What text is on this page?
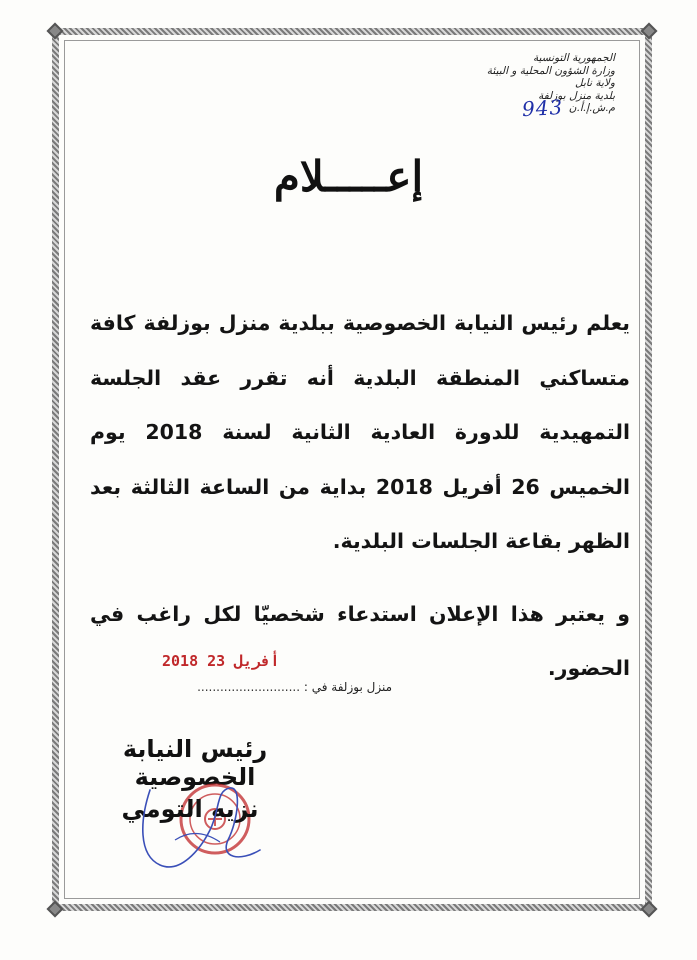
الجمهورية التونسية
وزارة الشؤون المحلية و البيئة
ولاية نابل
بلدية منزل بوزلفة
م.ش.إ.أ.ن
943
إعـــــلام
يعلم رئيس النيابة الخصوصية ببلدية منزل بوزلفة كافة متساكني المنطقة البلدية أنه تقرر عقد الجلسة التمهيدية للدورة العادية الثانية لسنة 2018 يوم الخميس 26 أفريل 2018 بداية من الساعة الثالثة بعد الظهر بقاعة الجلسات البلدية.
و يعتبر هذا الإعلان استدعاء شخصيّا لكل راغب في الحضور.
2018 أفريل 23
منزل بوزلفة في : ...........................
رئيس النيابة الخصوصية
نزيه التومي
